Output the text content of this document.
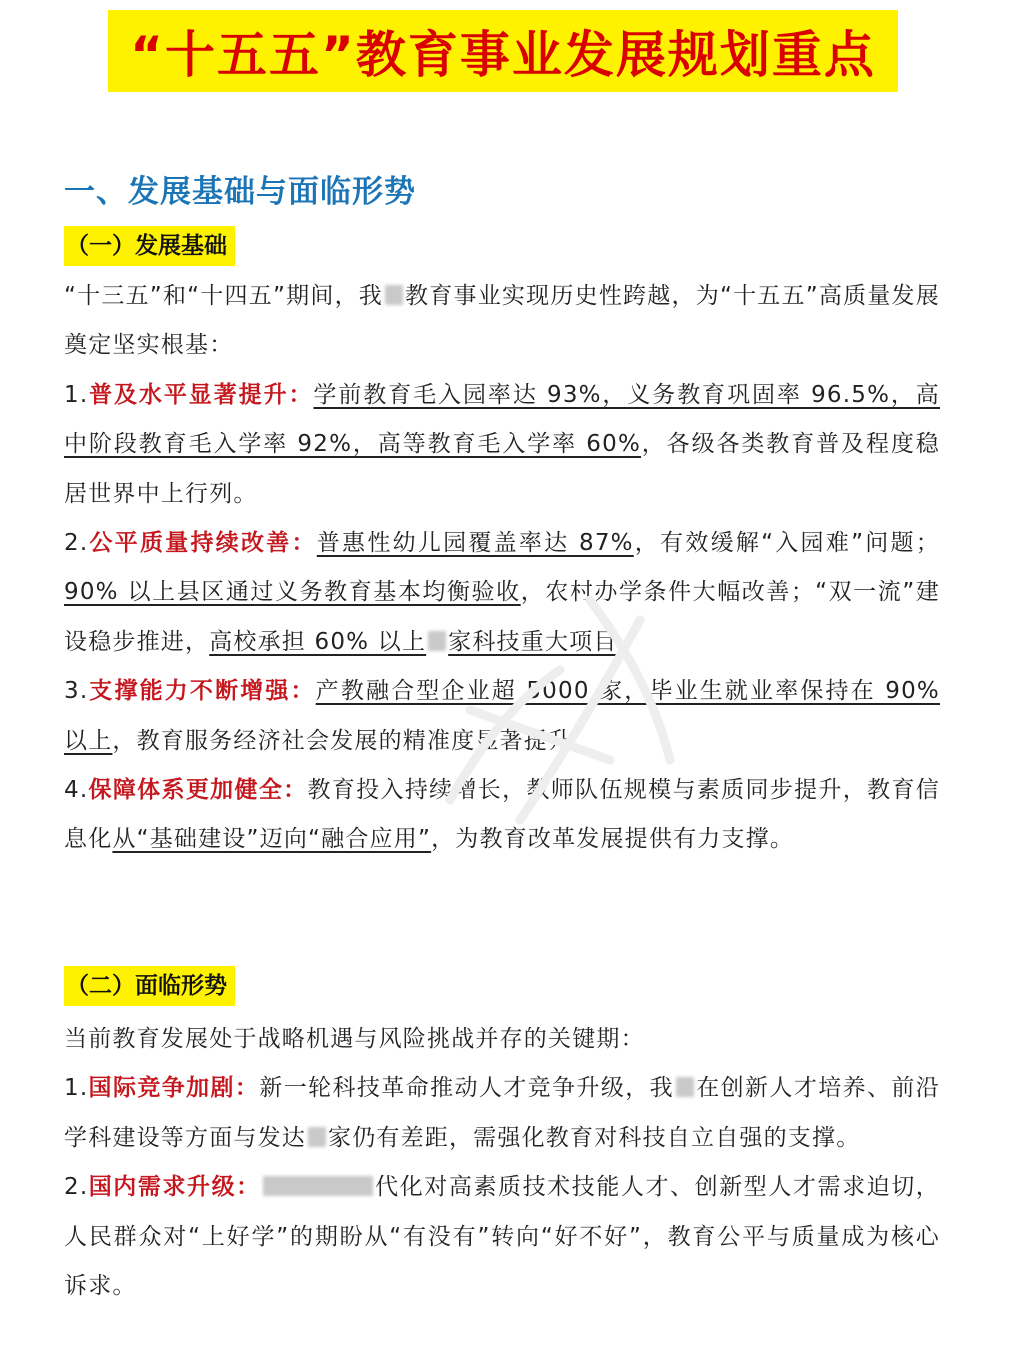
“十五五”教育事业发展规划重点
一、发展基础与面临形势
（一）发展基础

“十三五”和“十四五”期间，我 教育事业实现历史性跨越，为“十五五”高质量发展奠定坚实根基：

1.普及水平显著提升：学前教育毛入园率达 93%，义务教育巩固率 96.5%，高中阶段教育毛入学率 92%，高等教育毛入学率 60%，各级各类教育普及程度稳居世界中上行列。

2.公平质量持续改善：普惠性幼儿园覆盖率达 87%，有效缓解“入园难”问题；90% 以上县区通过义务教育基本均衡验收，农村办学条件大幅改善；“双一流”建设稳步推进，高校承担 60% 以上 家科技重大项目。

3.支撑能力不断增强：产教融合型企业超 5000 家，毕业生就业率保持在 90% 以上，教育服务经济社会发展的精准度显著提升。

4.保障体系更加健全：教育投入持续增长，教师队伍规模与素质同步提升，教育信息化从“基础建设”迈向“融合应用”，为教育改革发展提供有力支撑。

（二）面临形势

当前教育发展处于战略机遇与风险挑战并存的关键期：

1.国际竞争加剧：新一轮科技革命推动人才竞争升级，我 在创新人才培养、前沿学科建设等方面与发达 家仍有差距，需强化教育对科技自立自强的支撑。

2.国内需求升级：	代化对高素质技术技能人才、创新型人才需求迫切，人民群众对“上好学”的期盼从“有没有”转向“好不好”，教育公平与质量成为核心诉求。
